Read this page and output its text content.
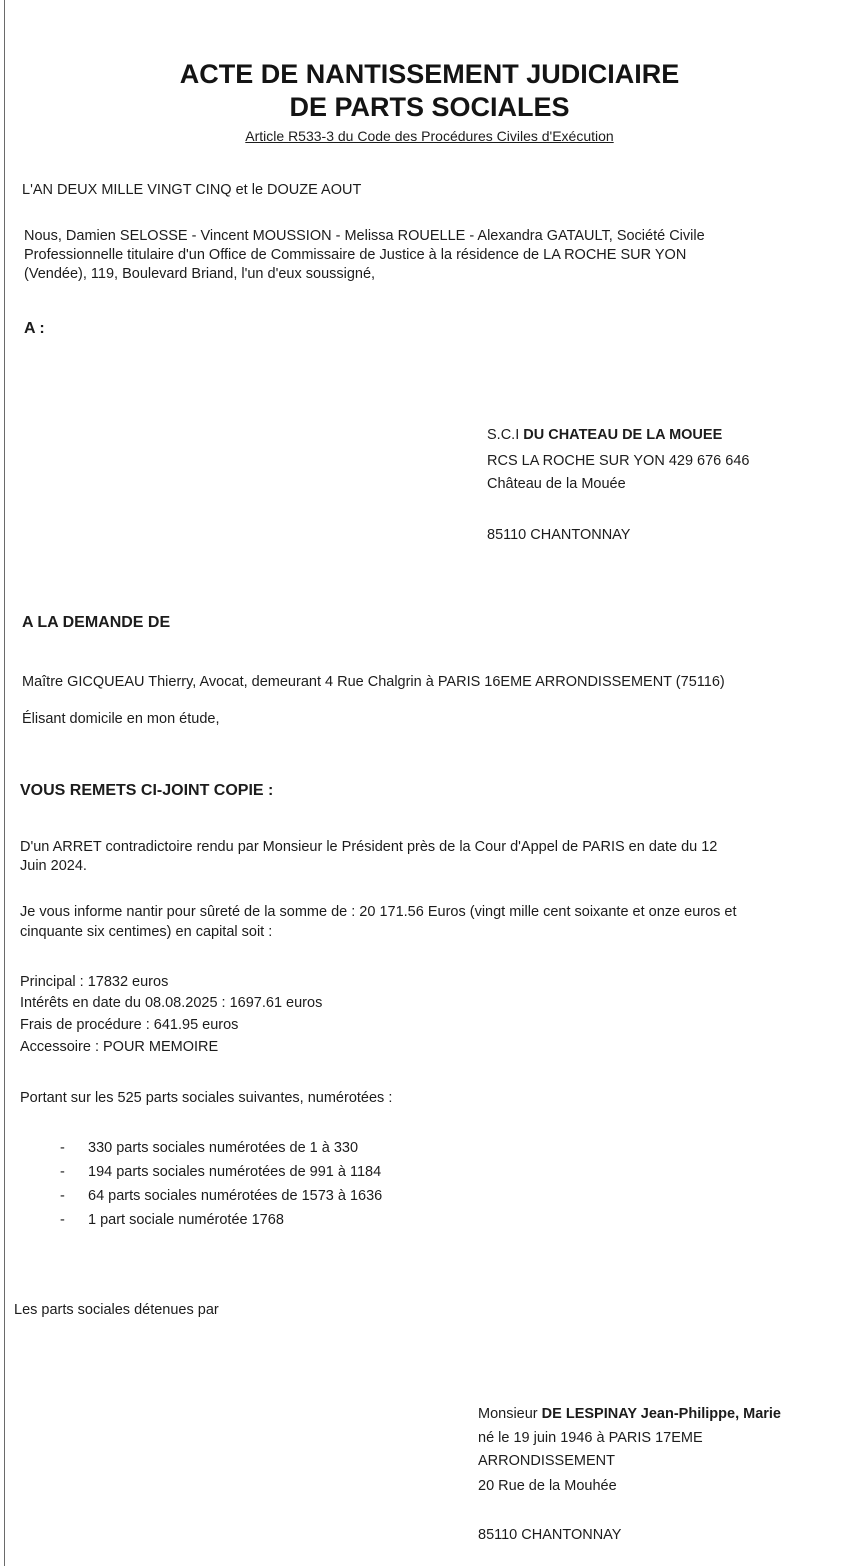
ACTE DE NANTISSEMENT JUDICIAIRE
DE PARTS SOCIALES
Article R533-3 du Code des Procédures Civiles d'Exécution
L'AN DEUX MILLE VINGT CINQ et le DOUZE AOUT
Nous, Damien SELOSSE - Vincent MOUSSION - Melissa ROUELLE - Alexandra GATAULT, Société Civile
Professionnelle titulaire d'un Office de Commissaire de Justice à la résidence de LA ROCHE SUR YON
(Vendée), 119, Boulevard Briand, l'un d'eux soussigné,
A :
S.C.I DU CHATEAU DE LA MOUEE
RCS LA ROCHE SUR YON 429 676 646
Château de la Mouée
85110 CHANTONNAY
A LA DEMANDE DE
Maître GICQUEAU Thierry, Avocat, demeurant 4 Rue Chalgrin à PARIS 16EME ARRONDISSEMENT (75116)
Élisant domicile en mon étude,
VOUS REMETS CI-JOINT COPIE :
D'un ARRET contradictoire rendu par Monsieur le Président près de la Cour d'Appel de PARIS en date du 12
Juin 2024.
Je vous informe nantir pour sûreté de la somme de : 20 171.56 Euros (vingt mille cent soixante et onze euros et
cinquante six centimes) en capital soit :
Principal : 17832 euros
Intérêts en date du 08.08.2025 : 1697.61 euros
Frais de procédure : 641.95 euros
Accessoire : POUR MEMOIRE
Portant sur les 525 parts sociales suivantes, numérotées :
- 330 parts sociales numérotées de 1 à 330
- 194 parts sociales numérotées de 991 à 1184
- 64 parts sociales numérotées de 1573 à 1636
- 1 part sociale numérotée 1768
Les parts sociales détenues par
Monsieur DE LESPINAY Jean-Philippe, Marie
né le 19 juin 1946 à PARIS 17EME
ARRONDISSEMENT
20 Rue de la Mouhée
85110 CHANTONNAY
